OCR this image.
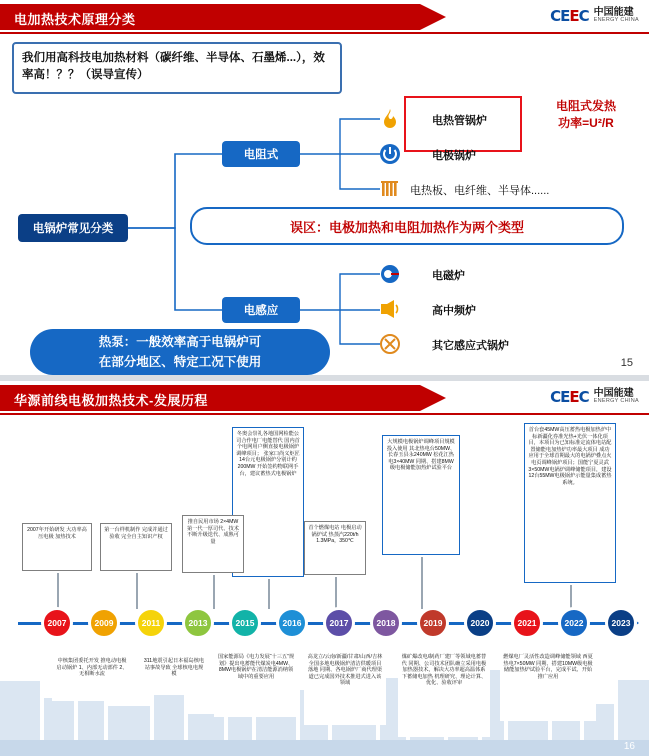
电加热技术原理分类	CEEC 中国能建
ENERGY CHINA
我们用高科技电加热材料（碳纤维、半导体、石墨烯...），效率高！？？（误导宣传）
电锅炉常见分类
电阻式
电感应
电热管锅炉
电极锅炉
电热板、电纤维、半导体......
电磁炉
高中频炉
其它感应式锅炉
电阻式发热
功率=U²/R
误区：电极加热和电阻加热作为两个类型
热泵：一般效率高于电锅炉可
在部分地区、特定工况下使用	15
华源前线电极加热技术-发展历程	CEEC 中国能建
ENERGY CHINA
冬奥会崇礼各地国网检能公司合作电厂电能替代 国内首个电网用户侧直接电极锅炉调峰项目； 张家口尚义炬匠14台元电极锅炉分别计约200MW 开始签约物联网手台，建议蓄热式电极锅炉
大规模电极锅炉调峰项目規模投入使用 其北热电台50MW、长春玉县永240MW 松花江热电3×40MW 同期、搭建8MW级电极储能加热炉试验平台
首台套45MW高压蓄热电极加热炉中标新疆化券准光热+光伏一体化项目，本项目为已知标准定流体电站配置储能电加热炉功率最大项目 成功应用于全球首期最大的电锅炉叠点火电页调峰锅炉项目；国能宁夏灵武3×50MW电锅炉调峰储能项目，建设12台55MW电极锅炉示能量集成蓄热系统。
2007年开始研发 大功率高压电极 加热技术
第一台样机制作 完成并通过验收 完全自主知识产权
推自民用市场 2×4MW 第一代一厚司代、技术不断升级迭代、成熟可量
首个燃煤电站 电极启动锅炉试 热蒸汽220t/h 1.3MPa，350℃
2007	2009	2011	2013	2015	2016	2017	2018	2019	2020	2021	2022	2023
中核集团委托开发 推电动电极启动锅炉 1、内部无动部件 2、无相断水流
311地震引起日本福岛核电站事故导致 全球核电电规模
国家能源局《电力发展“十三五”规划》提出电蓄能代煤炭电4MW、8MW电极锅炉在清洁能源消纳领域中的重要应用
高龙立/云南/新疆/甘肃/山西/吉林全国多地电极锅炉清洁供暖项目落地 同期、各电锅炉厂商代理渠道已完成国外技术推进式进入该领域
煤矿爆改电/制药厂建厂等领域电蓄替代 同期、公司技术团队确立采用电极加热器技术，解决大功率超高温体系下蓄储电加热 机理研究、理论计算、优化、验收评审
燃煤电厂灵活性改造调峰储能领域 西夏热电7×50MW 同期、搭建10MW级电极储能加热炉试验平台，完成平试、开始推广应用
16
